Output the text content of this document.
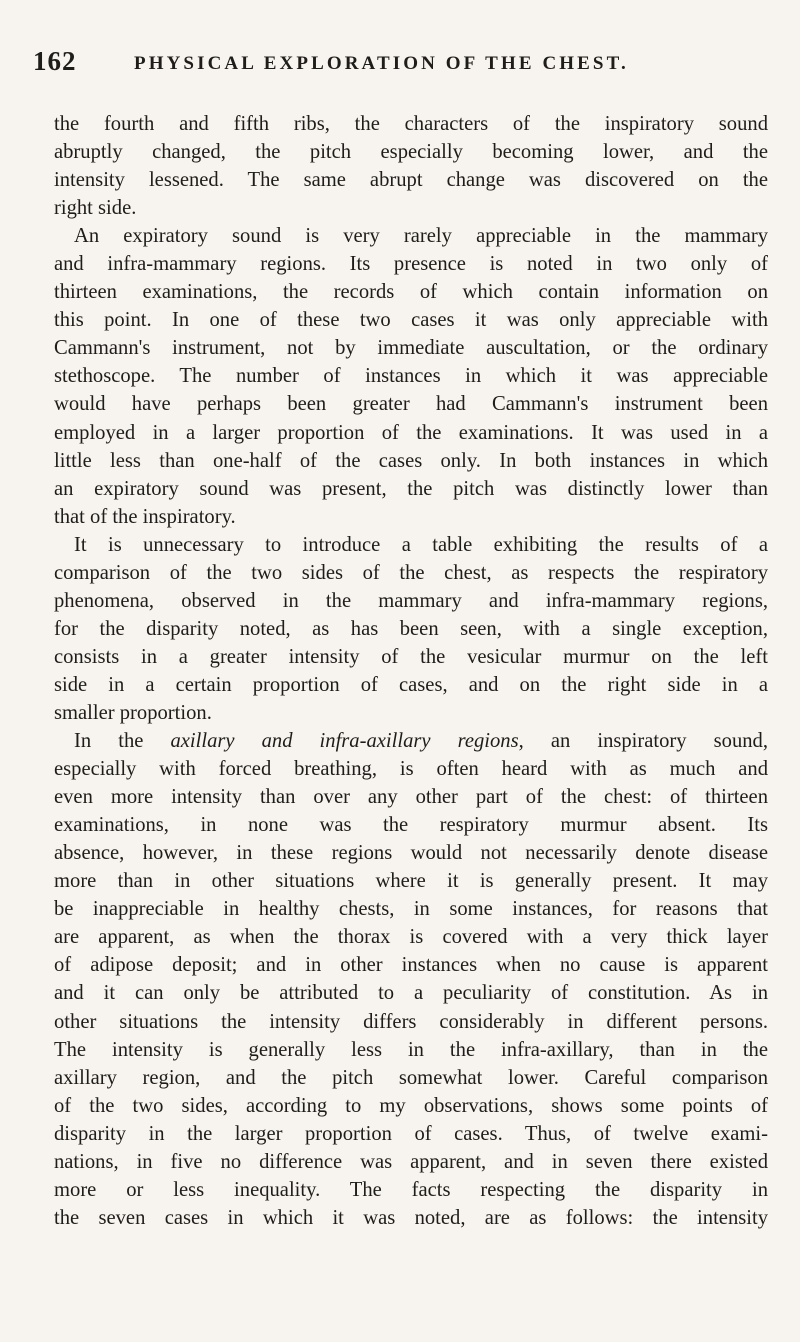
162	PHYSICAL EXPLORATION OF THE CHEST.
the fourth and fifth ribs, the characters of the inspiratory sound
abruptly changed, the pitch especially becoming lower, and the
intensity lessened. The same abrupt change was discovered on the
right side.
An expiratory sound is very rarely appreciable in the mammary
and infra-mammary regions. Its presence is noted in two only of
thirteen examinations, the records of which contain information on
this point. In one of these two cases it was only appreciable with
Cammann's instrument, not by immediate auscultation, or the ordinary
stethoscope. The number of instances in which it was appreciable
would have perhaps been greater had Cammann's instrument been
employed in a larger proportion of the examinations. It was used in a
little less than one-half of the cases only. In both instances in which
an expiratory sound was present, the pitch was distinctly lower than
that of the inspiratory.
It is unnecessary to introduce a table exhibiting the results of a
comparison of the two sides of the chest, as respects the respiratory
phenomena, observed in the mammary and infra-mammary regions,
for the disparity noted, as has been seen, with a single exception,
consists in a greater intensity of the vesicular murmur on the left
side in a certain proportion of cases, and on the right side in a
smaller proportion.
In the axillary and infra-axillary regions, an inspiratory sound,
especially with forced breathing, is often heard with as much and
even more intensity than over any other part of the chest: of thirteen
examinations, in none was the respiratory murmur absent. Its
absence, however, in these regions would not necessarily denote disease
more than in other situations where it is generally present. It may
be inappreciable in healthy chests, in some instances, for reasons that
are apparent, as when the thorax is covered with a very thick layer
of adipose deposit; and in other instances when no cause is apparent
and it can only be attributed to a peculiarity of constitution. As in
other situations the intensity differs considerably in different persons.
The intensity is generally less in the infra-axillary, than in the
axillary region, and the pitch somewhat lower. Careful comparison
of the two sides, according to my observations, shows some points of
disparity in the larger proportion of cases. Thus, of twelve exami-
nations, in five no difference was apparent, and in seven there existed
more or less inequality. The facts respecting the disparity in
the seven cases in which it was noted, are as follows: the intensity
